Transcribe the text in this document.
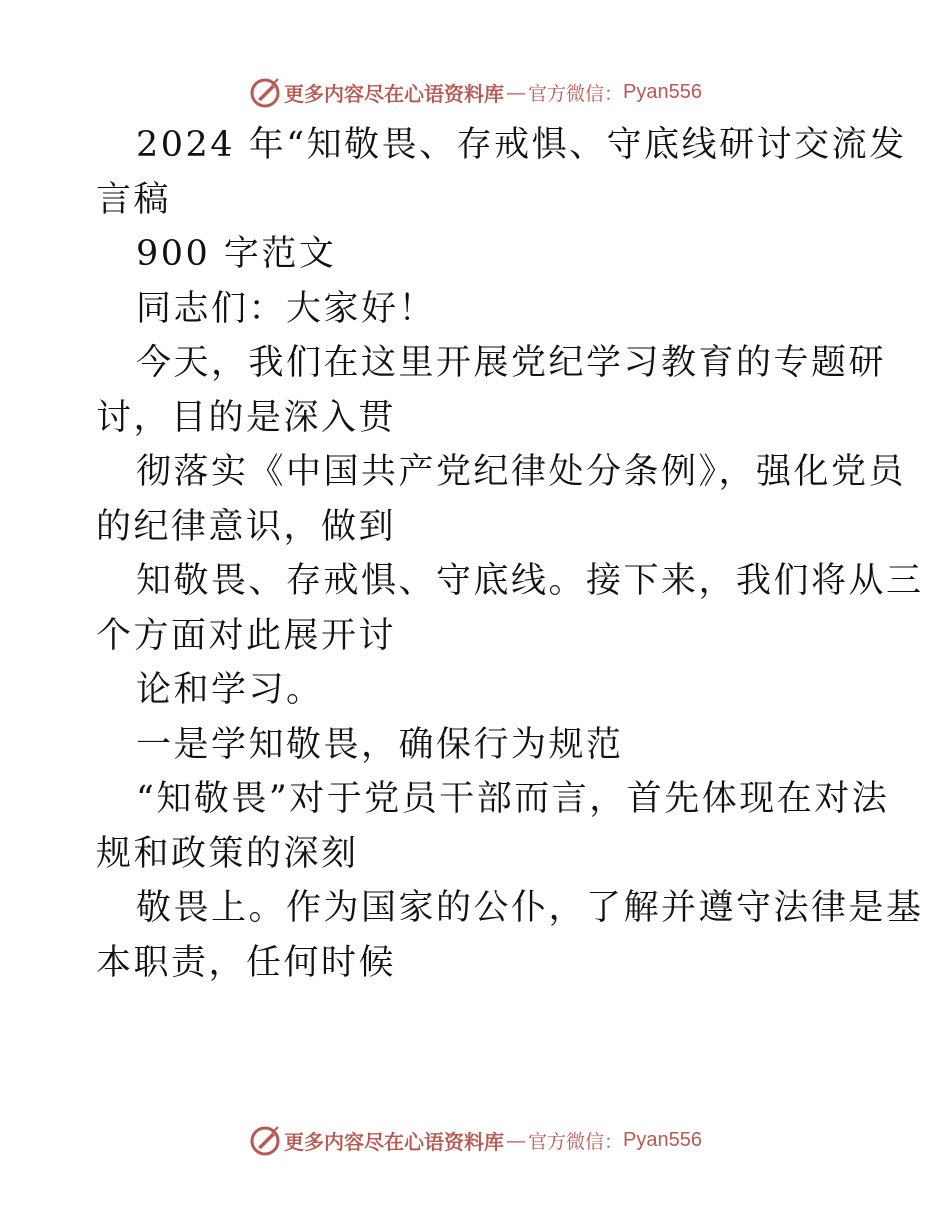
更多内容尽在心语资料库 — 官方微信： Pyan556
2024 年“知敬畏、存戒惧、守底线研讨交流发
言稿
900 字范文
同志们：大家好！
今天，我们在这里开展党纪学习教育的专题研
讨，目的是深入贯
彻落实《中国共产党纪律处分条例》，强化党员
的纪律意识，做到
知敬畏、存戒惧、守底线。接下来，我们将从三
个方面对此展开讨
论和学习。
一是学知敬畏，确保行为规范
“知敬畏”对于党员干部而言，首先体现在对法
规和政策的深刻
敬畏上。作为国家的公仆，了解并遵守法律是基
本职责，任何时候
更多内容尽在心语资料库 — 官方微信： Pyan556
